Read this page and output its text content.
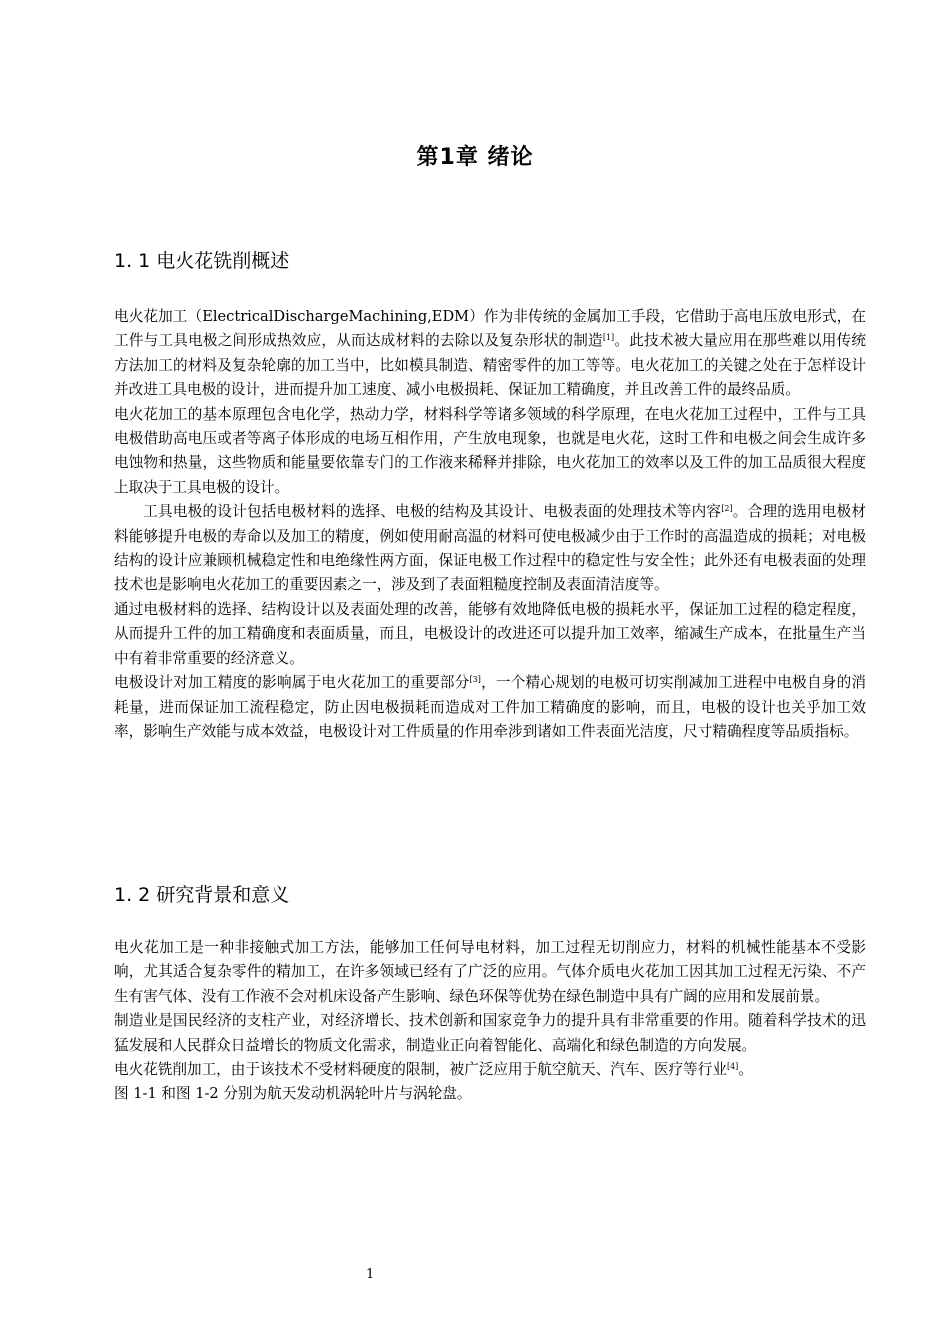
第1章 绪论
1. 1 电火花铣削概述

电火花加工（ElectricalDischargeMachining,EDM）作为非传统的金属加工手段，它借助于高电压放电形式，在工件与工具电极之间形成热效应，从而达成材料的去除以及复杂形状的制造[1]。此技术被大量应用在那些难以用传统方法加工的材料及复杂轮廓的加工当中，比如模具制造、精密零件的加工等等。电火花加工的关键之处在于怎样设计并改进工具电极的设计，进而提升加工速度、减小电极损耗、保证加工精确度，并且改善工件的最终品质。

电火花加工的基本原理包含电化学，热动力学，材料科学等诸多领域的科学原理，在电火花加工过程中，工件与工具电极借助高电压或者等离子体形成的电场互相作用，产生放电现象，也就是电火花，这时工件和电极之间会生成许多电蚀物和热量，这些物质和能量要依靠专门的工作液来稀释并排除，电火花加工的效率以及工件的加工品质很大程度上取决于工具电极的设计。

工具电极的设计包括电极材料的选择、电极的结构及其设计、电极表面的处理技术等内容[2]。合理的选用电极材料能够提升电极的寿命以及加工的精度，例如使用耐高温的材料可使电极减少由于工作时的高温造成的损耗；对电极结构的设计应兼顾机械稳定性和电绝缘性两方面，保证电极工作过程中的稳定性与安全性；此外还有电极表面的处理技术也是影响电火花加工的重要因素之一，涉及到了表面粗糙度控制及表面清洁度等。

通过电极材料的选择、结构设计以及表面处理的改善，能够有效地降低电极的损耗水平，保证加工过程的稳定程度，从而提升工件的加工精确度和表面质量，而且，电极设计的改进还可以提升加工效率，缩减生产成本，在批量生产当中有着非常重要的经济意义。

电极设计对加工精度的影响属于电火花加工的重要部分[3]，一个精心规划的电极可切实削减加工进程中电极自身的消耗量，进而保证加工流程稳定，防止因电极损耗而造成对工件加工精确度的影响，而且，电极的设计也关乎加工效率，影响生产效能与成本效益，电极设计对工件质量的作用牵涉到诸如工件表面光洁度，尺寸精确程度等品质指标。

1. 2 研究背景和意义

电火花加工是一种非接触式加工方法，能够加工任何导电材料，加工过程无切削应力，材料的机械性能基本不受影响，尤其适合复杂零件的精加工，在许多领域已经有了广泛的应用。气体介质电火花加工因其加工过程无污染、不产生有害气体、没有工作液不会对机床设备产生影响、绿色环保等优势在绿色制造中具有广阔的应用和发展前景。

制造业是国民经济的支柱产业，对经济增长、技术创新和国家竞争力的提升具有非常重要的作用。随着科学技术的迅猛发展和人民群众日益增长的物质文化需求，制造业正向着智能化、高端化和绿色制造的方向发展。

电火花铣削加工，由于该技术不受材料硬度的限制，被广泛应用于航空航天、汽车、医疗等行业[4]。

图 1-1 和图 1-2 分别为航天发动机涡轮叶片与涡轮盘。

1
